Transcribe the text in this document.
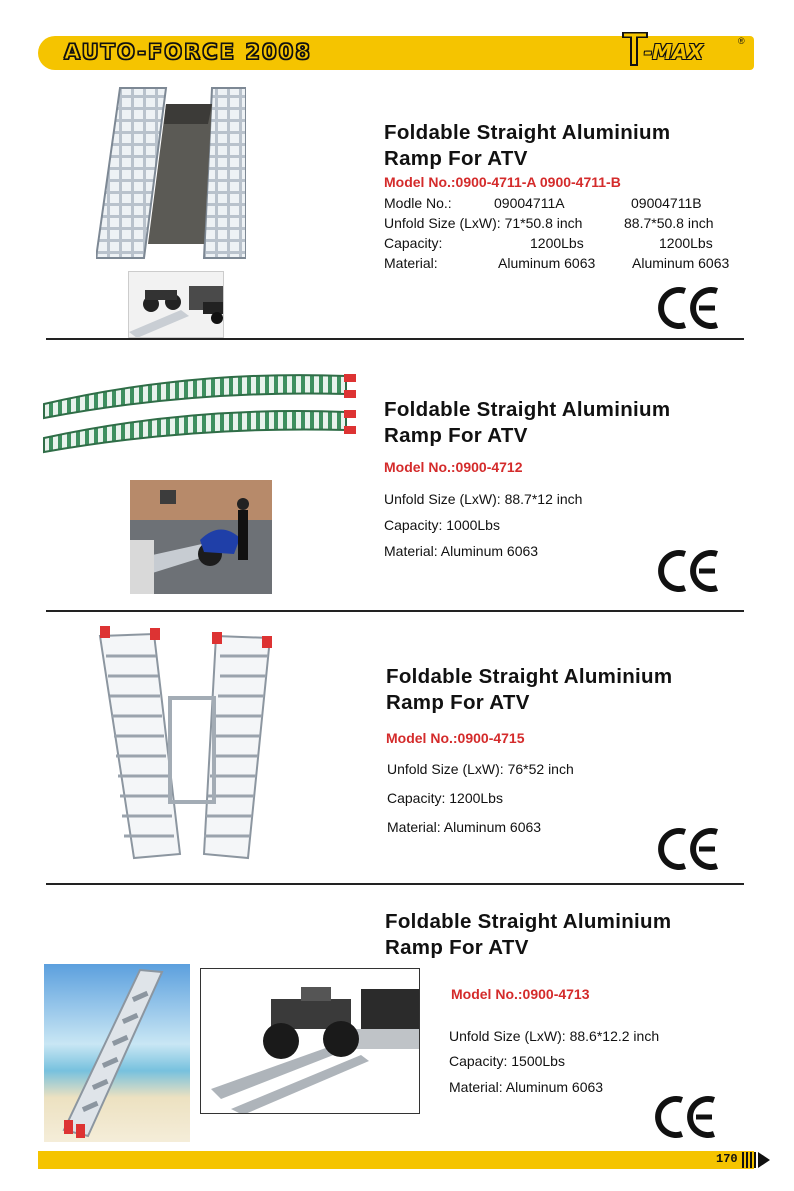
AUTO-FORCE 2008	-MAX	®
Foldable Straight Aluminium
Ramp For ATV
Model No.:0900-4711-A 0900-4711-B
Modle No.:	09004711A	09004711B
Unfold Size (LxW): 71*50.8 inch	88.7*50.8 inch
Capacity:	1200Lbs	1200Lbs
Material:	Aluminum 6063	Aluminum 6063
Foldable Straight Aluminium
Ramp For ATV
Model No.:0900-4712
Unfold Size (LxW): 88.7*12 inch
Capacity: 1000Lbs
Material: Aluminum 6063
Foldable Straight Aluminium
Ramp For ATV
Model No.:0900-4715
Unfold Size (LxW): 76*52 inch
Capacity: 1200Lbs
Material: Aluminum 6063
Foldable Straight Aluminium
Ramp For ATV
Model No.:0900-4713
Unfold Size (LxW): 88.6*12.2 inch
Capacity: 1500Lbs
Material: Aluminum 6063
170
